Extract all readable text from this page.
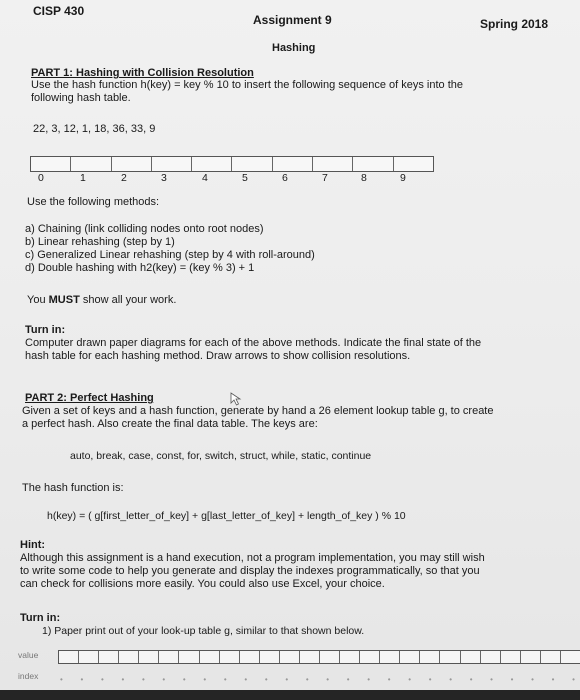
CISP 430
Assignment 9	Spring 2018
Hashing
PART 1: Hashing with Collision Resolution
Use the hash function h(key) = key % 10 to insert the following sequence of keys into the
following hash table.
22, 3, 12, 1, 18, 36, 33, 9
0	1	2	3	4	5	6	7	8	9
Use the following methods:
a) Chaining (link colliding nodes onto root nodes)
b) Linear rehashing (step by 1)
c) Generalized Linear rehashing (step by 4 with roll-around)
d) Double hashing with h2(key) = (key % 3) + 1
You MUST show all your work.
Turn in:
Computer drawn paper diagrams for each of the above methods. Indicate the final state of the
hash table for each hashing method. Draw arrows to show collision resolutions.
PART 2: Perfect Hashing
Given a set of keys and a hash function, generate by hand a 26 element lookup table g, to create
a perfect hash. Also create the final data table. The keys are:
auto, break, case, const, for, switch, struct, while, static, continue
The hash function is:
h(key) = ( g[first_letter_of_key] + g[last_letter_of_key] + length_of_key ) % 10
Hint:
Although this assignment is a hand execution, not a program implementation, you may still wish
to write some code to help you generate and display the indexes programmatically, so that you
can check for collisions more easily. You could also use Excel, your choice.
Turn in:
1) Paper print out of your look-up table g, similar to that shown below.
value
index	• • • • • • • • • • • • • • • • • • • • • • • • • •
